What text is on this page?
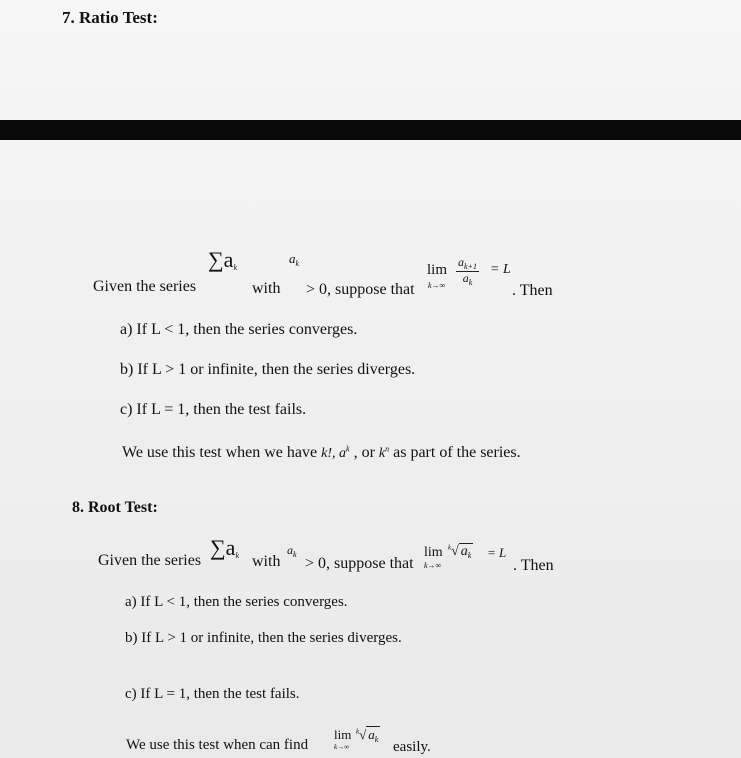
7. Ratio Test:
$\sum a_k$
$a_k$
Given the series	with > 0, suppose that
lim
$k\to\infty \frac{a_{k+1}}{a_k} = L$
. Then
a) If L < 1, then the series converges.
b) If L > 1 or infinite, then the series diverges.
c) If L = 1, then the test fails.
We use this test when we have k!, $a^k$ , or $k^n$ as part of the series.
8. Root Test:
Given the series
$\sum a_k$ with
$a_k$
> 0, suppose that
lim
k→∞
$^k$√ $a_k = L$
. Then
a) If L < 1, then the series converges.
b) If L > 1 or infinite, then the series diverges.
c) If L = 1, then the test fails.
We use this test when can find
lim
k→∞
$^k$√ $a_k$ easily.
